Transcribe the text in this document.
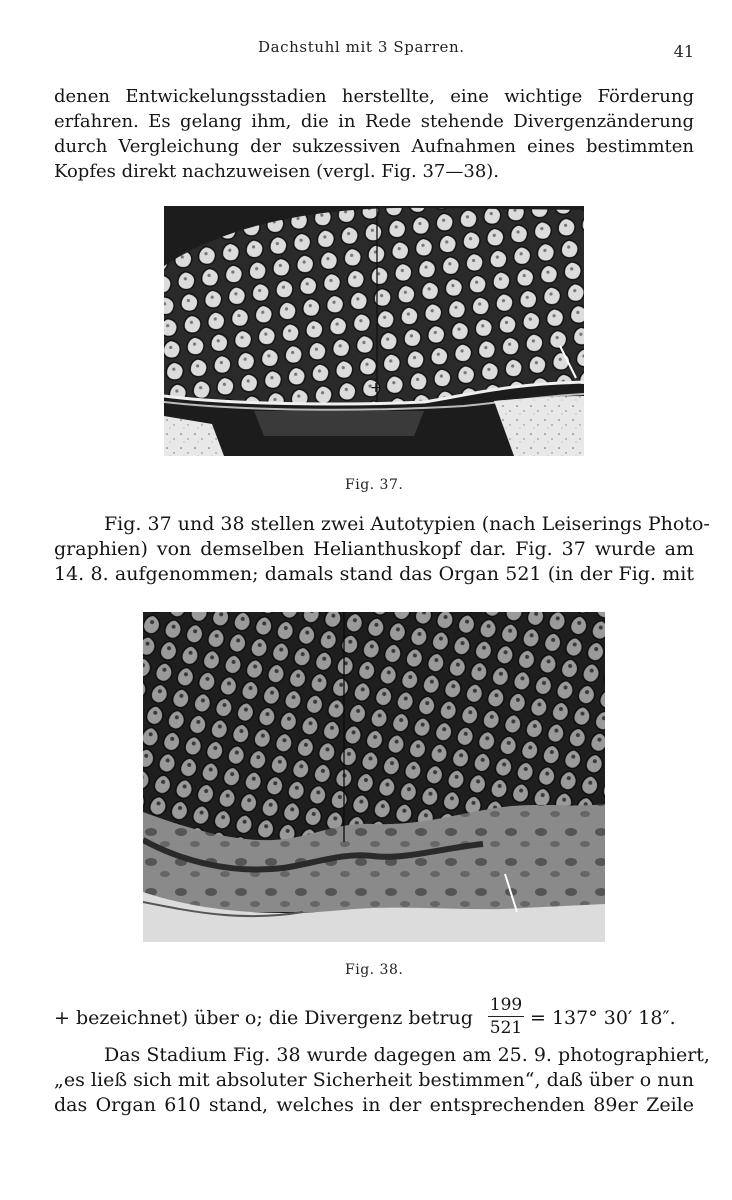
Dachstuhl mit 3 Sparren.	41
denen Entwickelungsstadien herstellte, eine wichtige Förderung
erfahren. Es gelang ihm, die in Rede stehende Divergenzänderung
durch Vergleichung der sukzessiven Aufnahmen eines bestimmten
Kopfes direkt nachzuweisen (vergl. Fig. 37—38).
+
Fig. 37.
Fig. 37 und 38 stellen zwei Autotypien (nach Leiserings Photo-
graphien) von demselben Helianthuskopf dar. Fig. 37 wurde am
14. 8. aufgenommen; damals stand das Organ 521 (in der Fig. mit
Fig. 38.
+ bezeichnet) über o; die Divergenz betrug
199
521 = 137° 30′ 18″.
Das Stadium Fig. 38 wurde dagegen am 25. 9. photographiert,
„es ließ sich mit absoluter Sicherheit bestimmen“, daß über o nun
das Organ 610 stand, welches in der entsprechenden 89er Zeile
